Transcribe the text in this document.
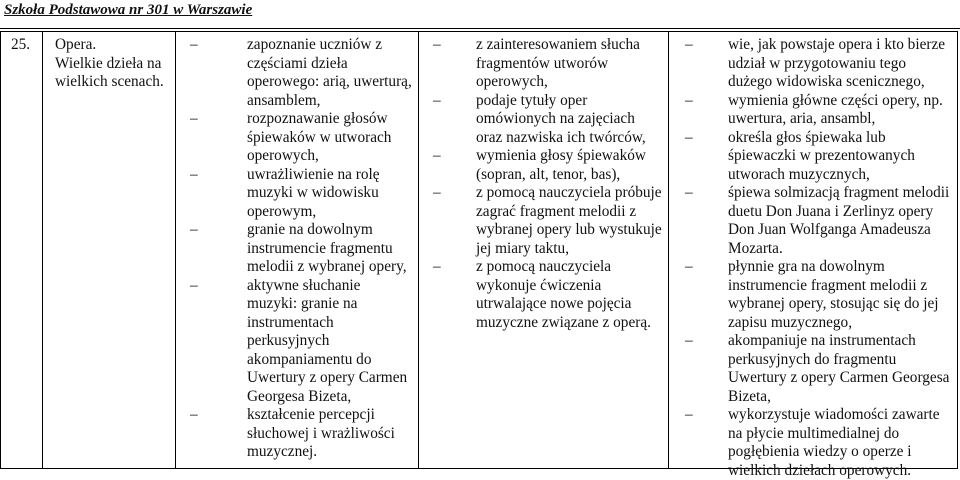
Szkoła Podstawowa nr 301 w Warszawie
25.	Opera.
Wielkie dzieła na
wielkich scenach.
– zapoznanie uczniów z częściami dzieła operowego: arią, uwerturą, ansamblem,
– rozpoznawanie głosów śpiewaków w utworach operowych,
– uwrażliwienie na rolę muzyki w widowisku operowym,
– granie na dowolnym instrumencie fragmentu melodii z wybranej opery,
– aktywne słuchanie muzyki: granie na instrumentach perkusyjnych akompaniamentu do Uwertury z opery Carmen Georgesa Bizeta,
– kształcenie percepcji słuchowej i wrażliwości muzycznej.
– z zainteresowaniem słucha fragmentów utworów operowych,
– podaje tytuły oper omówionych na zajęciach oraz nazwiska ich twórców,
– wymienia głosy śpiewaków (sopran, alt, tenor, bas),
– z pomocą nauczyciela próbuje zagrać fragment melodii z wybranej opery lub wystukuje jej miary taktu,
– z pomocą nauczyciela wykonuje ćwiczenia utrwalające nowe pojęcia muzyczne związane z operą.
– wie, jak powstaje opera i kto bierze udział w przygotowaniu tego dużego widowiska scenicznego,
– wymienia główne części opery, np. uwertura, aria, ansambl,
– określa głos śpiewaka lub śpiewaczki w prezentowanych utworach muzycznych,
– śpiewa solmizacją fragment melodii duetu Don Juana i Zerlinyz opery Don Juan Wolfganga Amadeusza Mozarta.
– płynnie gra na dowolnym instrumencie fragment melodii z wybranej opery, stosując się do jej zapisu muzycznego,
– akompaniuje na instrumentach perkusyjnych do fragmentu Uwertury z opery Carmen Georgesa Bizeta,
– wykorzystuje wiadomości zawarte na płycie multimedialnej do pogłębienia wiedzy o operze i wielkich dziełach operowych.
